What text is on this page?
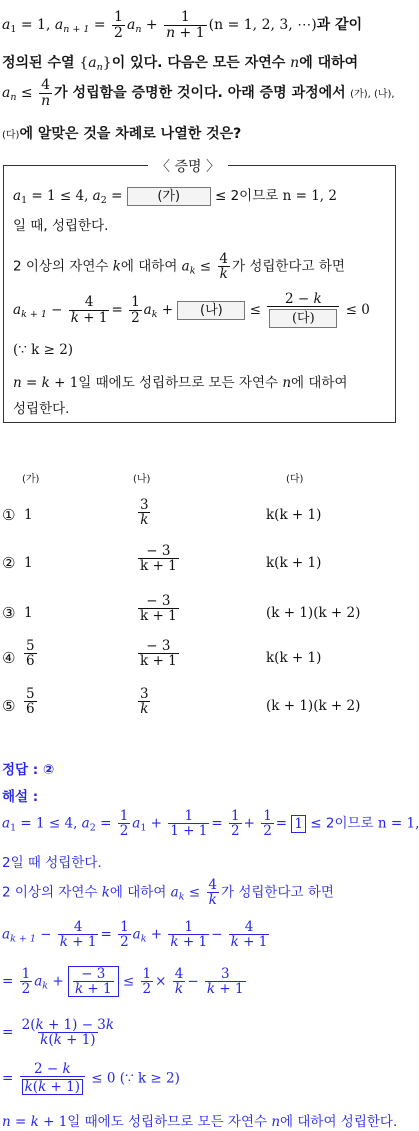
$a_1 = 1$, $a_{n + 1} = \frac{1}{2} a_n + \frac{1}{n + 1} (n = 1$, 2, 3, ⋯)과 같이
정의된 수열 $\{a_n\}$이 있다. 다음은 모든 자연수 n에 대하여
$a_n \le \frac{4}{n}$ 가 성립함을 증명한 것이다. 아래 증명 과정에서 (가), (나),
(다)에 알맞은 것을 차례로 나열한 것은?
〈 증명 〉
$a_1 = 1 \le 4$, $a_2$ = (가)	≤ 2이므로 n = 1, 2
일 때, 성립한다.
2 이상의 자연수 k에 대하여 $a_k \le \frac{4}{k}$ 가 성립한다고 하면
$a_{k + 1} - \frac{4}{k + 1} = \frac{1}{2} a_k$ + (나) ≤ $\frac{2 - k}{\text{(다)}} \le 0$
(∵ k ≥ 2)
n = k + 1일 때에도 성립하므로 모든 자연수 n에 대하여
성립한다.
(가)	(나)	(다)
① 1	$\frac{3}{k}$	k(k + 1)
② 1	$\frac{- 3}{k + 1}$	k(k + 1)
③ 1	$\frac{- 3}{k + 1}$	(k + 1)(k + 2)
④ $\frac{5}{6}$	$\frac{- 3}{k + 1}$	k(k + 1)
⑤ $\frac{5}{6}$	$\frac{3}{k}$	(k + 1)(k + 2)
정답 : ②
해설 :
$a_1 = 1 \le 4$, $a_2 = \frac{1}{2} a_1 + \frac{1}{1 + 1} = \frac{1}{2} + \frac{1}{2} = 1 \le 2$이므로 n = 1,
2일 때 성립한다.
2 이상의 자연수 k에 대하여 $a_k \le \frac{4}{k}$ 가 성립한다고 하면
$a_{k + 1} - \frac{4}{k + 1} = \frac{1}{2} a_k + \frac{1}{k + 1} - \frac{4}{k + 1}$
= $\frac{1}{2} a_k + \frac{- 3}{k + 1} \le \frac{1}{2} \times \frac{4}{k} - \frac{3}{k + 1}$
= $\frac{2(k + 1) - 3k}{k(k + 1)}$
= $\frac{2 - k}{k(k + 1)} \le 0$ (∵ k ≥ 2)
n = k + 1일 때에도 성립하므로 모든 자연수 n에 대하여 성립한다.
